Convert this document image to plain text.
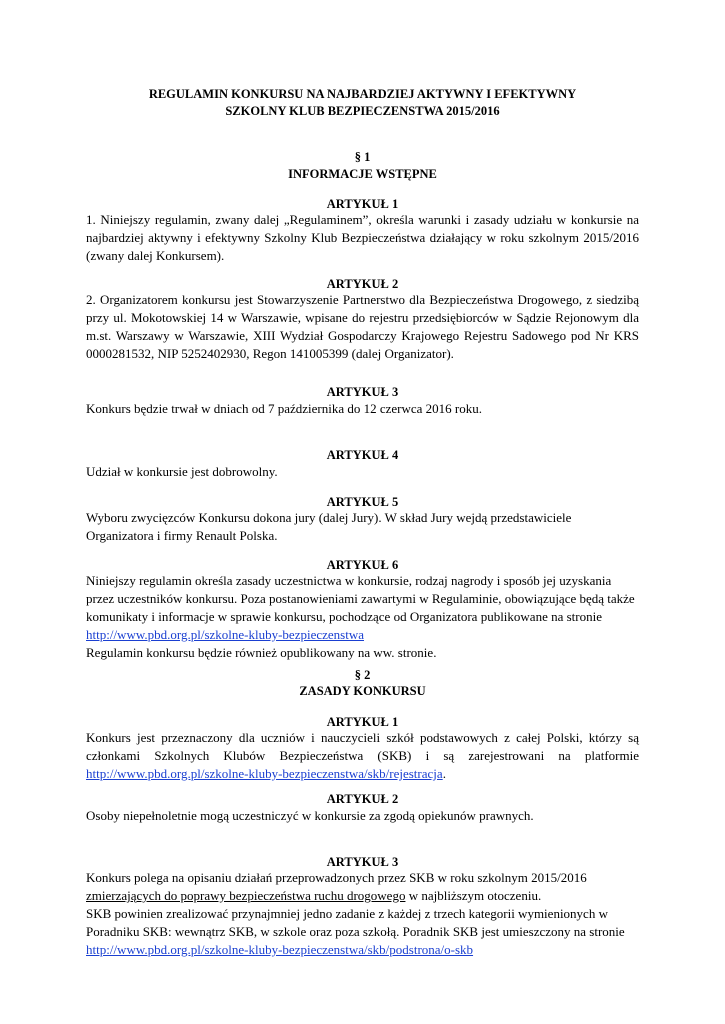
REGULAMIN KONKURSU NA NAJBARDZIEJ AKTYWNY I EFEKTYWNY
SZKOLNY KLUB BEZPIECZENSTWA 2015/2016
§ 1
INFORMACJE WSTĘPNE
ARTYKUŁ 1
1. Niniejszy regulamin, zwany dalej „Regulaminem”, określa warunki i zasady udziału w konkursie na najbardziej aktywny i efektywny Szkolny Klub Bezpieczeństwa działający w roku szkolnym 2015/2016 (zwany dalej Konkursem).
ARTYKUŁ 2
2. Organizatorem konkursu jest Stowarzyszenie Partnerstwo dla Bezpieczeństwa Drogowego, z siedzibą przy ul. Mokotowskiej 14 w Warszawie, wpisane do rejestru przedsiębiorców w Sądzie Rejonowym dla m.st. Warszawy w Warszawie, XIII Wydział Gospodarczy Krajowego Rejestru Sadowego pod Nr KRS 0000281532, NIP 5252402930, Regon 141005399 (dalej Organizator).
ARTYKUŁ 3
Konkurs będzie trwał w dniach od 7 października do 12 czerwca 2016 roku.
ARTYKUŁ 4
Udział w konkursie jest dobrowolny.
ARTYKUŁ 5
Wyboru zwycięzców Konkursu dokona jury (dalej Jury). W skład Jury wejdą przedstawiciele Organizatora i firmy Renault Polska.
ARTYKUŁ 6
Niniejszy regulamin określa zasady uczestnictwa w konkursie, rodzaj nagrody i sposób jej uzyskania przez uczestników konkursu. Poza postanowieniami zawartymi w Regulaminie, obowiązujące będą także komunikaty i informacje w sprawie konkursu, pochodzące od Organizatora publikowane na stronie http://www.pbd.org.pl/szkolne-kluby-bezpieczenstwa
Regulamin konkursu będzie również opublikowany na ww. stronie.
§ 2
ZASADY KONKURSU
ARTYKUŁ 1
Konkurs jest przeznaczony dla uczniów i nauczycieli szkół podstawowych z całej Polski, którzy są członkami Szkolnych Klubów Bezpieczeństwa (SKB) i są zarejestrowani na platformie http://www.pbd.org.pl/szkolne-kluby-bezpieczenstwa/skb/rejestracja.
ARTYKUŁ 2
Osoby niepełnoletnie mogą uczestniczyć w konkursie za zgodą opiekunów prawnych.
ARTYKUŁ 3
Konkurs polega na opisaniu działań przeprowadzonych przez SKB w roku szkolnym 2015/2016
zmierzających do poprawy bezpieczeństwa ruchu drogowego w najbliższym otoczeniu.
SKB powinien zrealizować przynajmniej jedno zadanie z każdej z trzech kategorii wymienionych w Poradniku SKB: wewnątrz SKB, w szkole oraz poza szkołą. Poradnik SKB jest umieszczony na stronie http://www.pbd.org.pl/szkolne-kluby-bezpieczenstwa/skb/podstrona/o-skb
